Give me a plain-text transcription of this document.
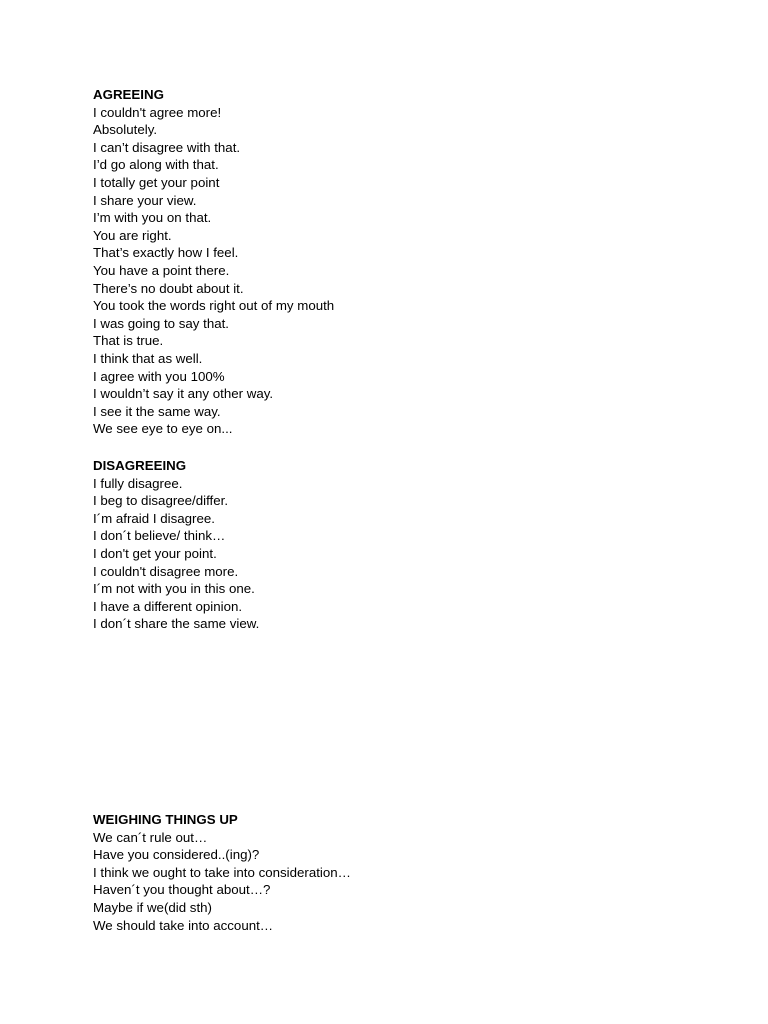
AGREEING
I couldn't agree more!
Absolutely.
I can’t disagree with that.
I’d go along with that.
I totally get your point
I share your view.
I’m with you on that.
You are right.
That’s exactly how I feel.
You have a point there.
There’s no doubt about it.
You took the words right out of my mouth
I was going to say that.
That is true.
I think that as well.
I agree with you 100%
I wouldn’t say it any other way.
I see it the same way.
We see eye to eye on...
DISAGREEING
I fully disagree.
I beg to disagree/differ.
I´m afraid I disagree.
I don´t believe/ think…
I don't get your point.
I couldn't disagree more.
I´m not with you in this one.
I have a different opinion.
I don´t share the same view.
WEIGHING THINGS UP
We can´t rule out…
Have you considered..(ing)?
I think we ought to take into consideration…
Haven´t you thought about…?
Maybe if we(did sth)
We should take into account…
